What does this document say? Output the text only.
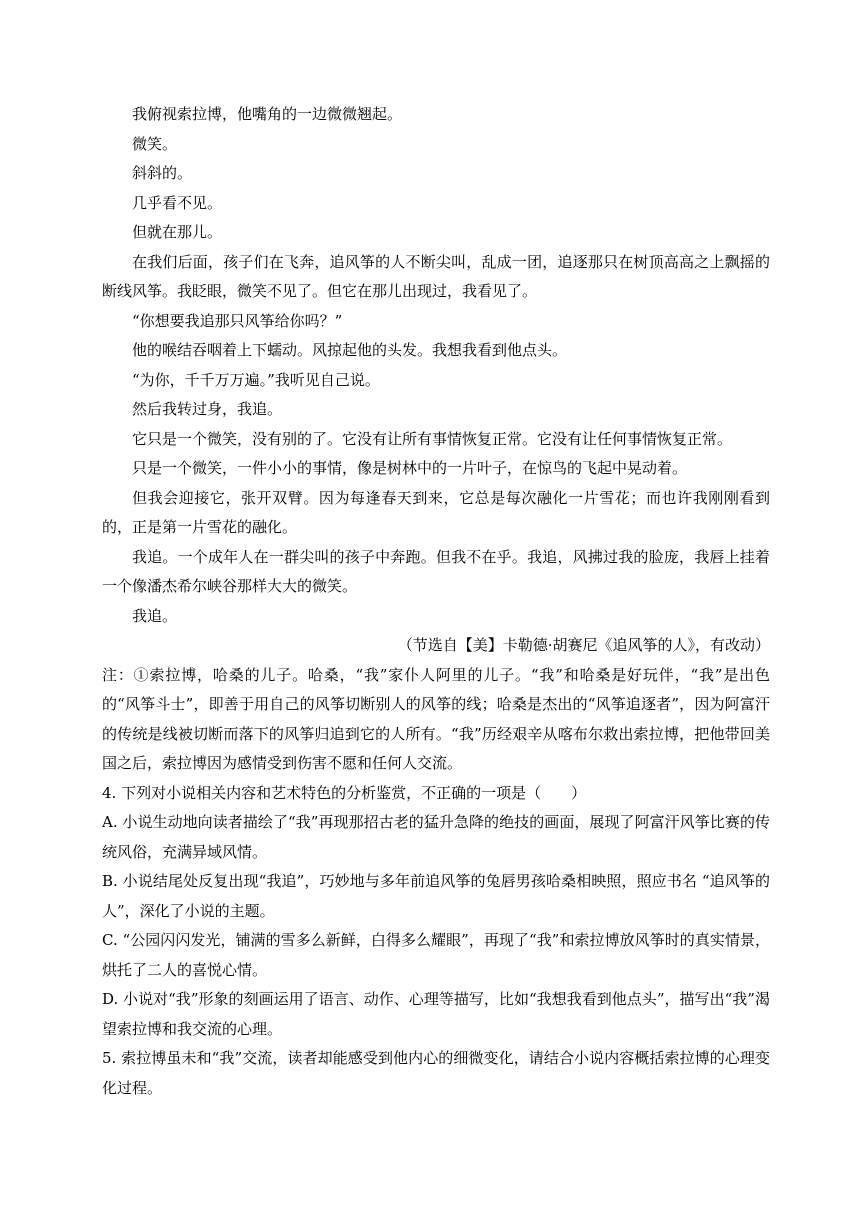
我俯视索拉博，他嘴角的一边微微翘起。

微笑。

斜斜的。

几乎看不见。

但就在那儿。

在我们后面，孩子们在飞奔，追风筝的人不断尖叫，乱成一团，追逐那只在树顶高高之上飘摇的断线风筝。我眨眼，微笑不见了。但它在那儿出现过，我看见了。

“你想要我追那只风筝给你吗？”

他的喉结吞咽着上下蠕动。风掠起他的头发。我想我看到他点头。

“为你，千千万万遍。”我听见自己说。

然后我转过身，我追。

它只是一个微笑，没有别的了。它没有让所有事情恢复正常。它没有让任何事情恢复正常。

只是一个微笑，一件小小的事情，像是树林中的一片叶子，在惊鸟的飞起中晃动着。

但我会迎接它，张开双臂。因为每逢春天到来，它总是每次融化一片雪花；而也许我刚刚看到的，正是第一片雪花的融化。

我追。一个成年人在一群尖叫的孩子中奔跑。但我不在乎。我追，风拂过我的脸庞，我唇上挂着一个像潘杰希尔峡谷那样大大的微笑。

我追。

（节选自【美】卡勒德·胡赛尼《追风筝的人》，有改动）

注：①索拉博，哈桑的儿子。哈桑，“我”家仆人阿里的儿子。“我”和哈桑是好玩伴，“我”是出色的“风筝斗士”，即善于用自己的风筝切断别人的风筝的线；哈桑是杰出的“风筝追逐者”，因为阿富汗的传统是线被切断而落下的风筝归追到它的人所有。“我”历经艰辛从喀布尔救出索拉博，把他带回美国之后，索拉博因为感情受到伤害不愿和任何人交流。

4. 下列对小说相关内容和艺术特色的分析鉴赏，不正确的一项是（　　）

A. 小说生动地向读者描绘了“我”再现那招古老的猛升急降的绝技的画面，展现了阿富汗风筝比赛的传统风俗，充满异域风情。

B. 小说结尾处反复出现“我追”，巧妙地与多年前追风筝的兔唇男孩哈桑相映照，照应书名 “追风筝的人”，深化了小说的主题。

C. “公园闪闪发光，铺满的雪多么新鲜，白得多么耀眼”，再现了“我”和索拉博放风筝时的真实情景，烘托了二人的喜悦心情。

D. 小说对“我”形象的刻画运用了语言、动作、心理等描写，比如“我想我看到他点头”，描写出“我”渴望索拉博和我交流的心理。

5. 索拉博虽未和“我”交流，读者却能感受到他内心的细微变化，请结合小说内容概括索拉博的心理变化过程。
